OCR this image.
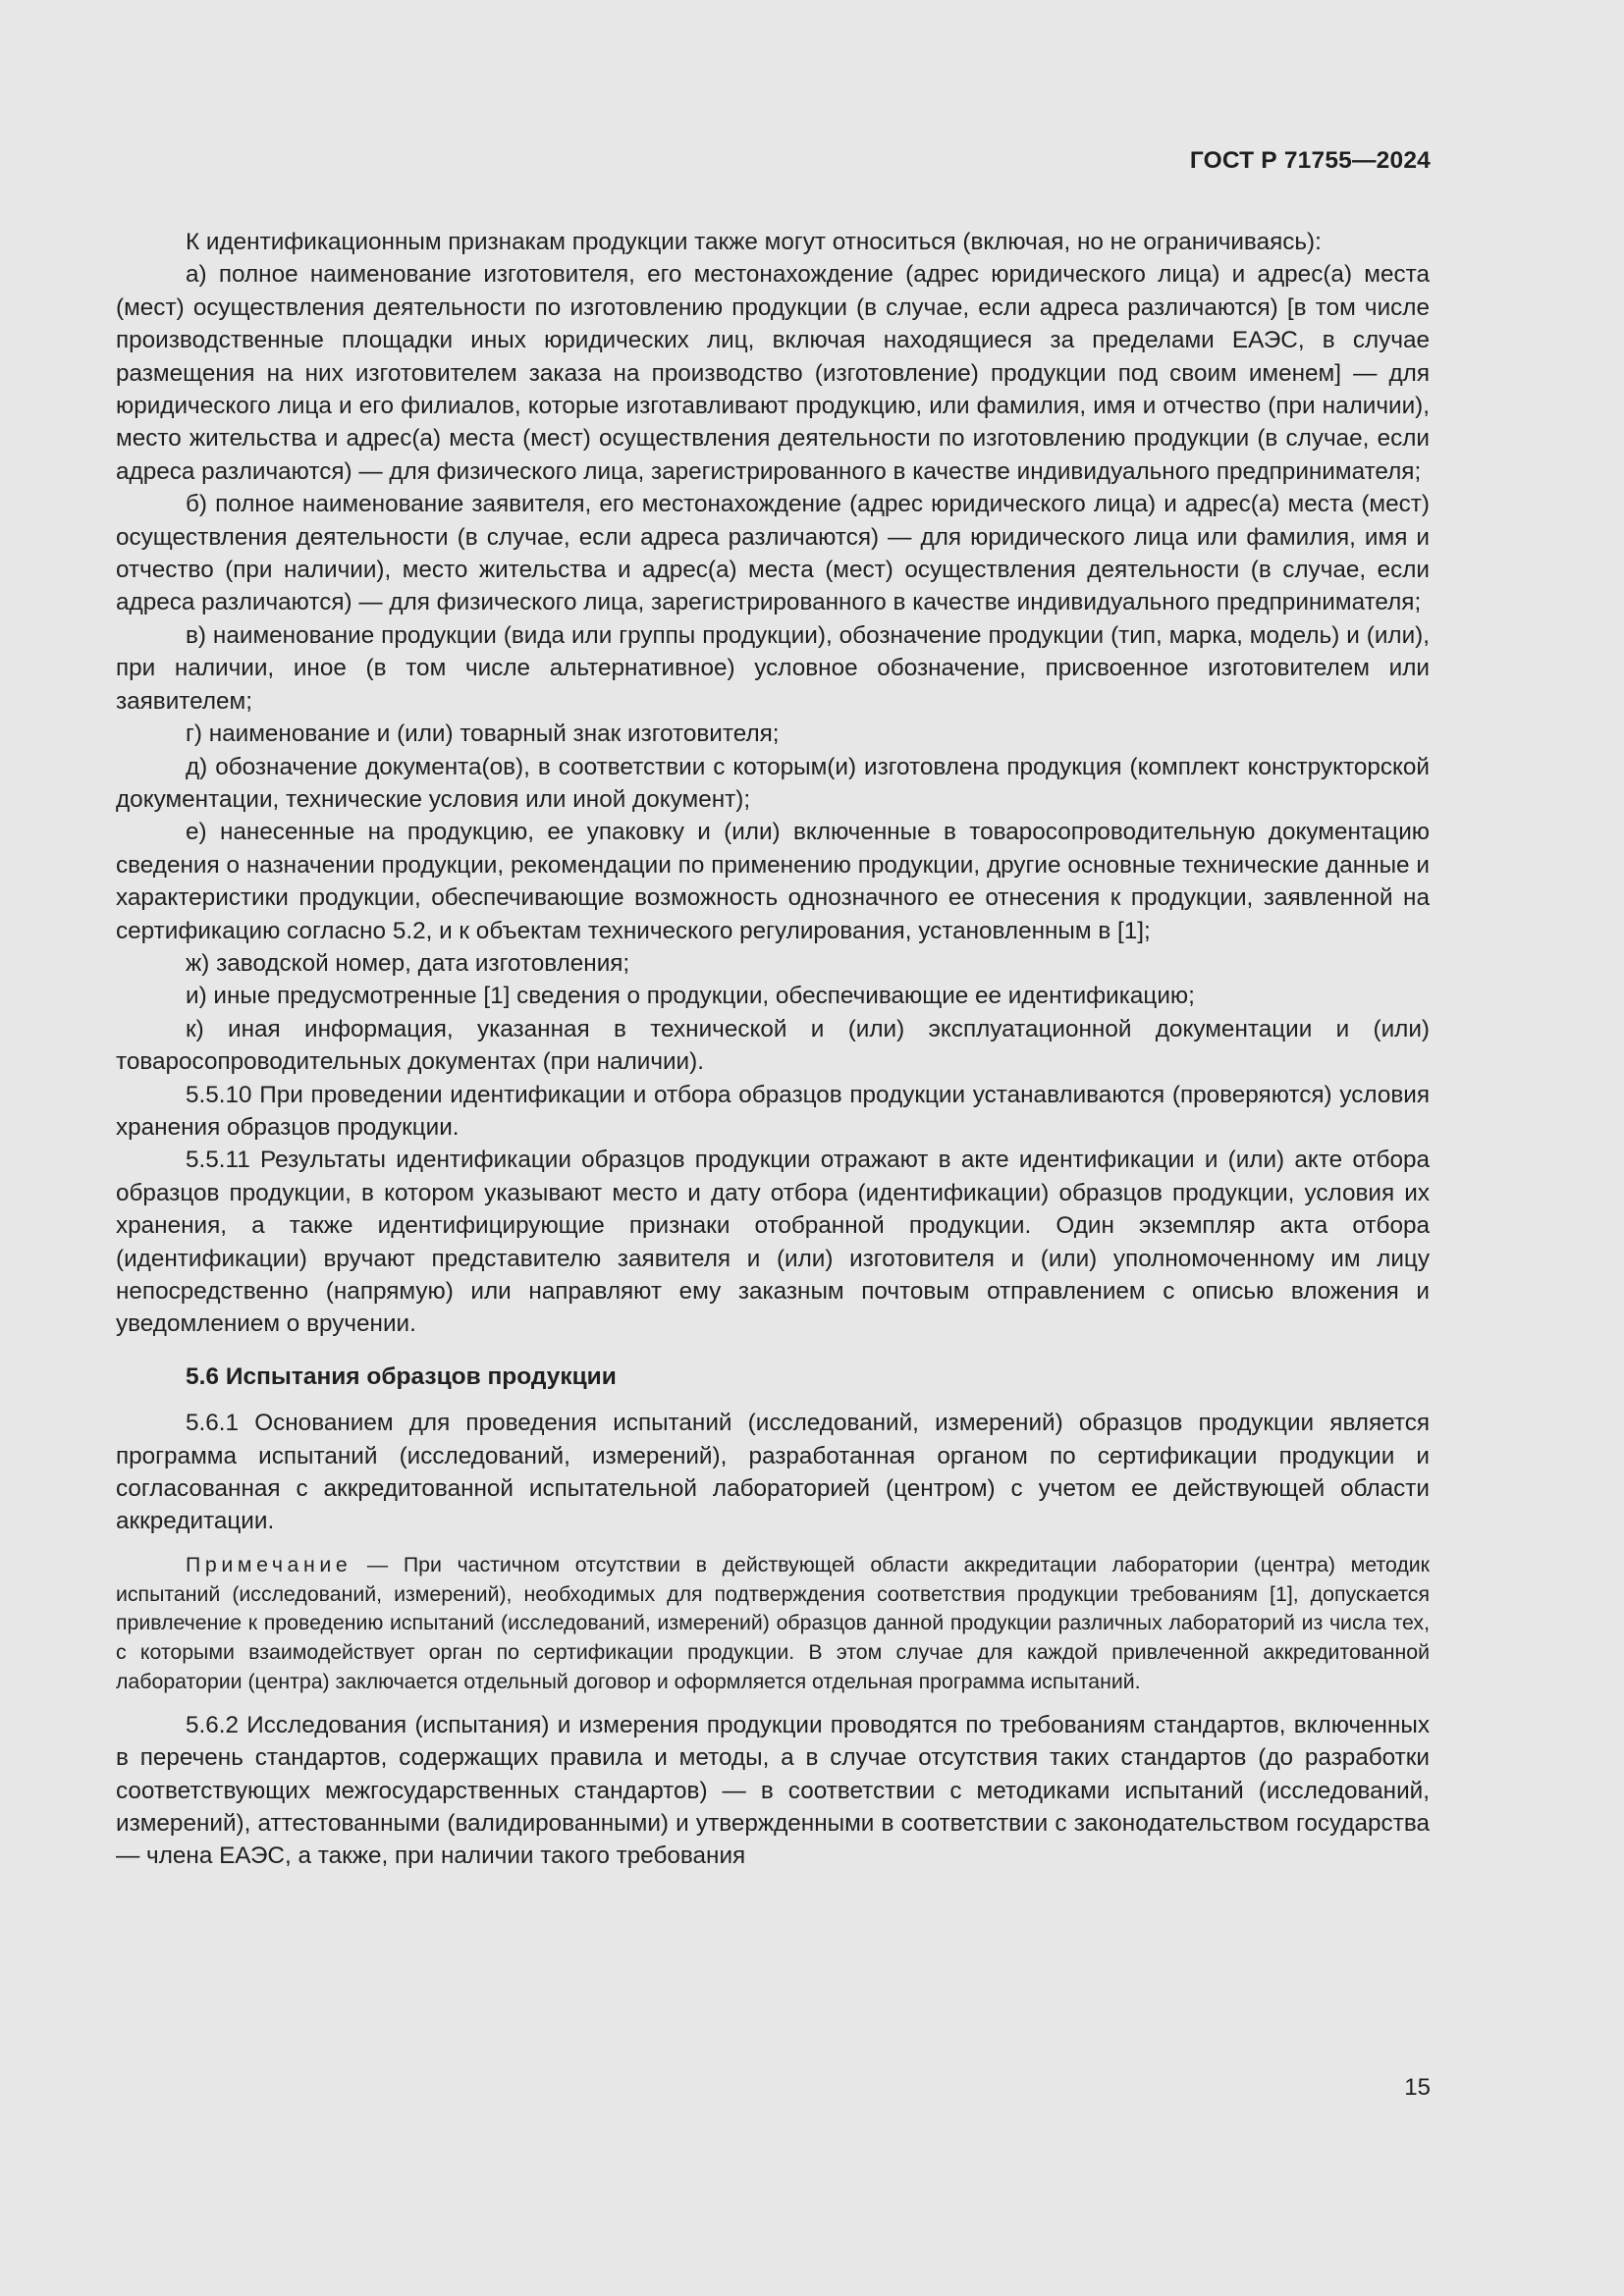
ГОСТ Р 71755—2024

К идентификационным признакам продукции также могут относиться (включая, но не ограничиваясь):

а) полное наименование изготовителя, его местонахождение (адрес юридического лица) и адрес(а) места (мест) осуществления деятельности по изготовлению продукции (в случае, если адреса различаются) [в том числе производственные площадки иных юридических лиц, включая находящиеся за пределами ЕАЭС, в случае размещения на них изготовителем заказа на производство (изготовление) продукции под своим именем] — для юридического лица и его филиалов, которые изготавливают продукцию, или фамилия, имя и отчество (при наличии), место жительства и адрес(а) места (мест) осуществления деятельности по изготовлению продукции (в случае, если адреса различаются) — для физического лица, зарегистрированного в качестве индивидуального предпринимателя;

б) полное наименование заявителя, его местонахождение (адрес юридического лица) и адрес(а) места (мест) осуществления деятельности (в случае, если адреса различаются) — для юридического лица или фамилия, имя и отчество (при наличии), место жительства и адрес(а) места (мест) осуществления деятельности (в случае, если адреса различаются) — для физического лица, зарегистрированного в качестве индивидуального предпринимателя;

в) наименование продукции (вида или группы продукции), обозначение продукции (тип, марка, модель) и (или), при наличии, иное (в том числе альтернативное) условное обозначение, присвоенное изготовителем или заявителем;

г) наименование и (или) товарный знак изготовителя;

д) обозначение документа(ов), в соответствии с которым(и) изготовлена продукция (комплект конструкторской документации, технические условия или иной документ);

е) нанесенные на продукцию, ее упаковку и (или) включенные в товаросопроводительную документацию сведения о назначении продукции, рекомендации по применению продукции, другие основные технические данные и характеристики продукции, обеспечивающие возможность однозначного ее отнесения к продукции, заявленной на сертификацию согласно 5.2, и к объектам технического регулирования, установленным в [1];

ж) заводской номер, дата изготовления;

и) иные предусмотренные [1] сведения о продукции, обеспечивающие ее идентификацию;

к) иная информация, указанная в технической и (или) эксплуатационной документации и (или) товаросопроводительных документах (при наличии).

5.5.10 При проведении идентификации и отбора образцов продукции устанавливаются (проверяются) условия хранения образцов продукции.

5.5.11 Результаты идентификации образцов продукции отражают в акте идентификации и (или) акте отбора образцов продукции, в котором указывают место и дату отбора (идентификации) образцов продукции, условия их хранения, а также идентифицирующие признаки отобранной продукции. Один экземпляр акта отбора (идентификации) вручают представителю заявителя и (или) изготовителя и (или) уполномоченному им лицу непосредственно (напрямую) или направляют ему заказным почтовым отправлением с описью вложения и уведомлением о вручении.

5.6 Испытания образцов продукции

5.6.1 Основанием для проведения испытаний (исследований, измерений) образцов продукции является программа испытаний (исследований, измерений), разработанная органом по сертификации продукции и согласованная с аккредитованной испытательной лабораторией (центром) с учетом ее действующей области аккредитации.

Примечание — При частичном отсутствии в действующей области аккредитации лаборатории (центра) методик испытаний (исследований, измерений), необходимых для подтверждения соответствия продукции требованиям [1], допускается привлечение к проведению испытаний (исследований, измерений) образцов данной продукции различных лабораторий из числа тех, с которыми взаимодействует орган по сертификации продукции. В этом случае для каждой привлеченной аккредитованной лаборатории (центра) заключается отдельный договор и оформляется отдельная программа испытаний.

5.6.2 Исследования (испытания) и измерения продукции проводятся по требованиям стандартов, включенных в перечень стандартов, содержащих правила и методы, а в случае отсутствия таких стандартов (до разработки соответствующих межгосударственных стандартов) — в соответствии с методиками испытаний (исследований, измерений), аттестованными (валидированными) и утвержденными в соответствии с законодательством государства — члена ЕАЭС, а также, при наличии такого требования

15
